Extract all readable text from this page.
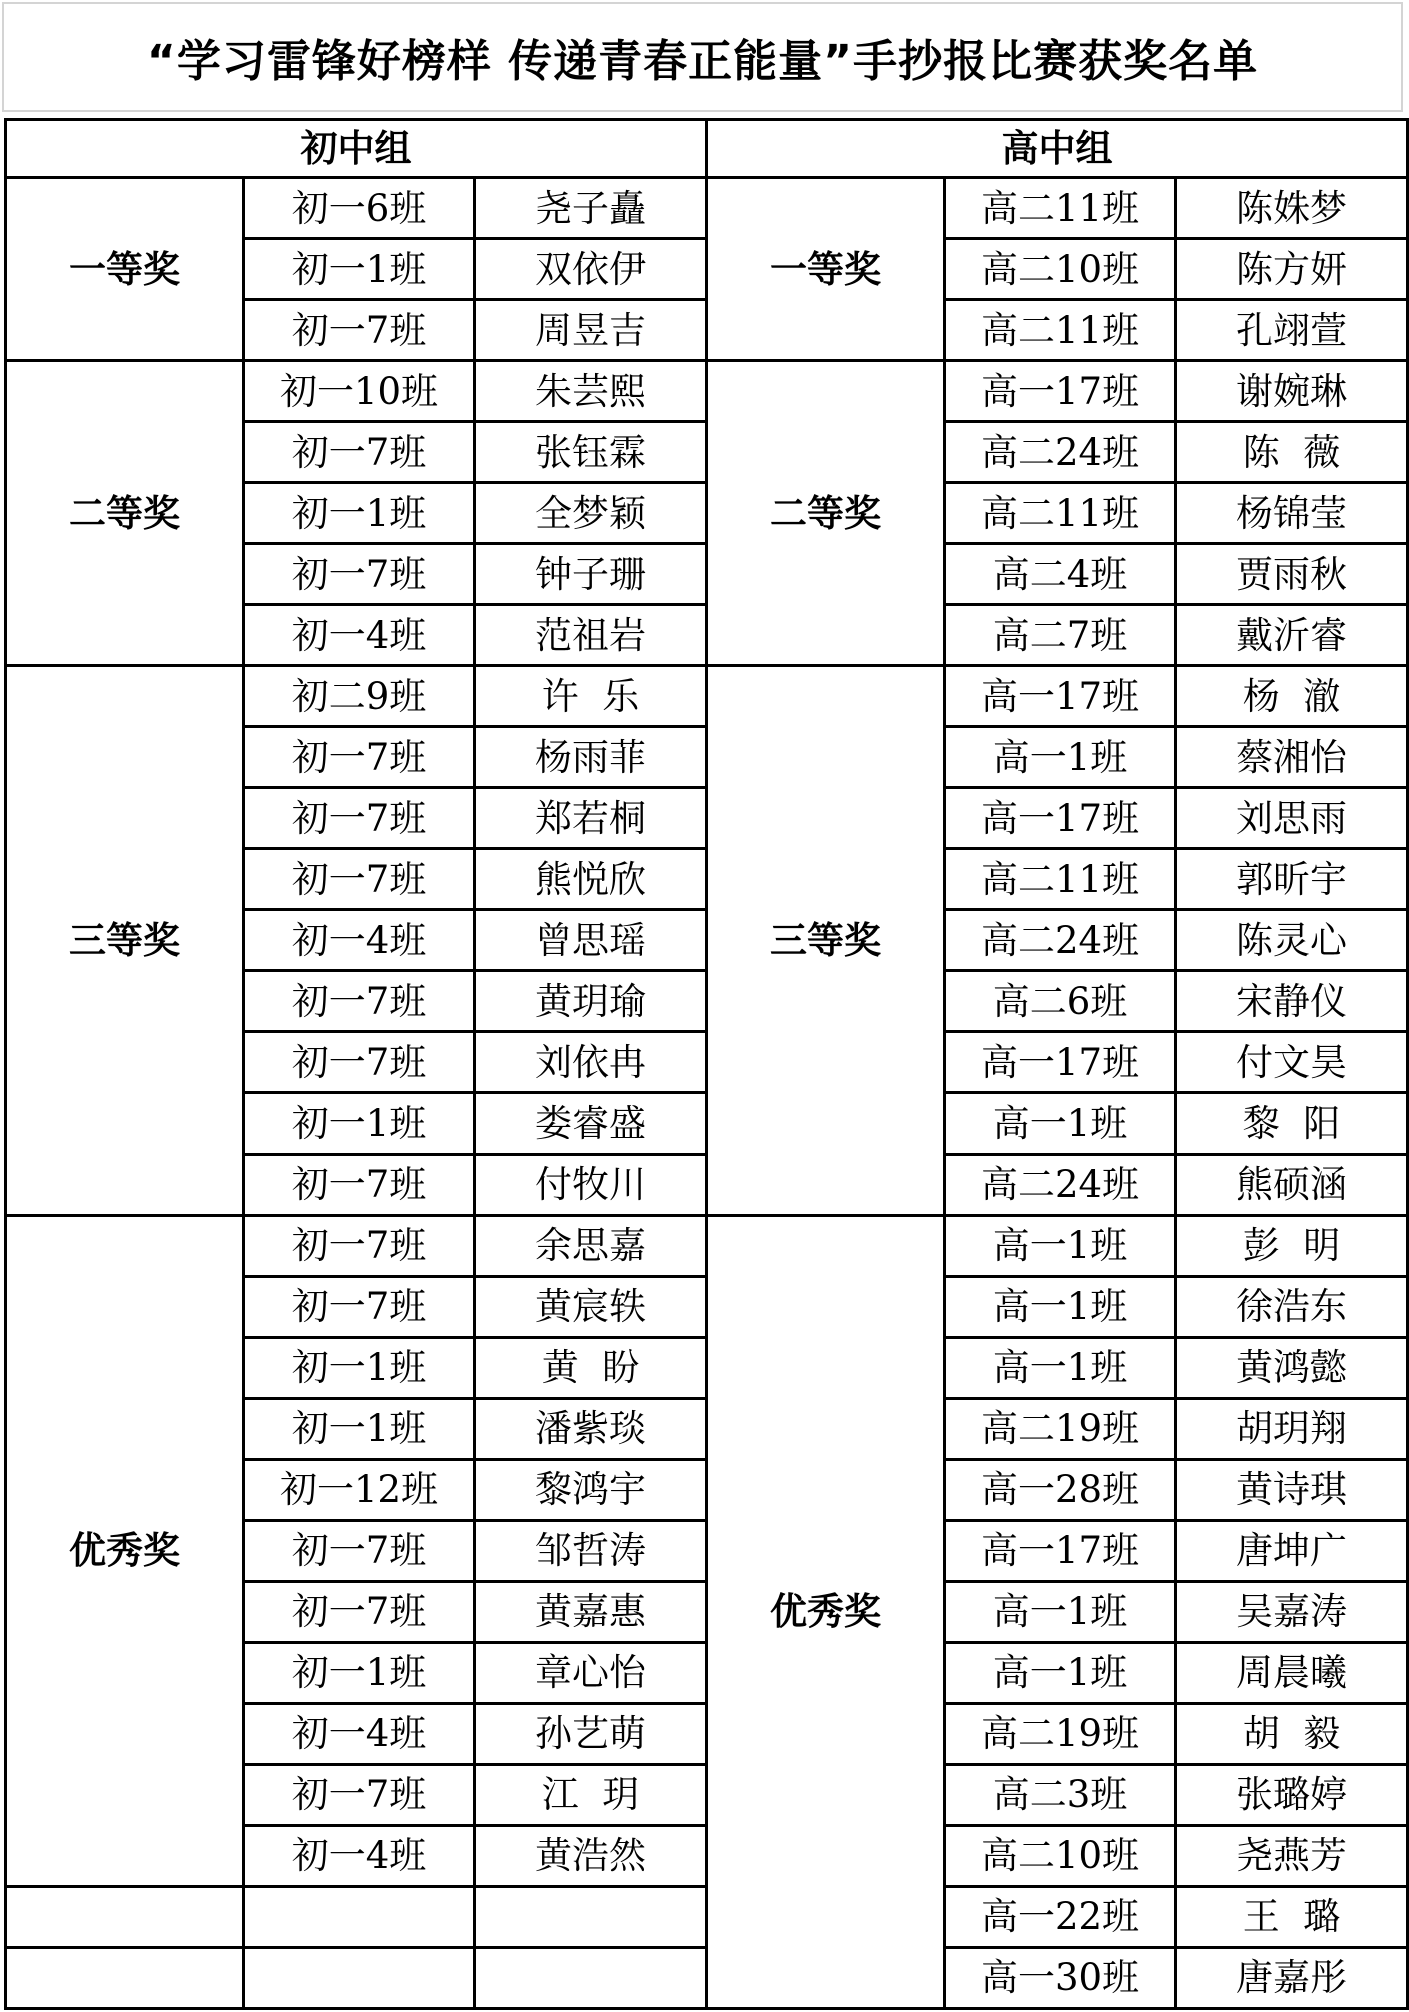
“学习雷锋好榜样 传递青春正能量”手抄报比赛获奖名单
初中组			高中组		
一等奖	初一6班	尧子矗	一等奖	高二11班	陈姝梦
	初一1班	双依伊		高二10班	陈方妍
	初一7班	周昱吉		高二11班	孔翊萱
二等奖	初一10班	朱芸熙	二等奖	高一17班	谢婉琳
	初一7班	张钰霖		高二24班	陈  薇
	初一1班	全梦颖		高二11班	杨锦莹
	初一7班	钟子珊		高二4班	贾雨秋
	初一4班	范祖岩		高二7班	戴沂睿
三等奖	初二9班	许  乐	三等奖	高一17班	杨  澈
	初一7班	杨雨菲		高一1班	蔡湘怡
	初一7班	郑若桐		高一17班	刘思雨
	初一7班	熊悦欣		高二11班	郭昕宇
	初一4班	曾思瑶		高二24班	陈灵心
	初一7班	黄玥瑜		高二6班	宋静仪
	初一7班	刘依冉		高一17班	付文昊
	初一1班	娄睿盛		高一1班	黎  阳
	初一7班	付牧川		高二24班	熊硕涵
优秀奖	初一7班	余思嘉	优秀奖	高一1班	彭  明
	初一7班	黄宸轶		高一1班	徐浩东
	初一1班	黄  盼		高一1班	黄鸿懿
	初一1班	潘紫琰		高二19班	胡玥翔
	初一12班	黎鸿宇		高一28班	黄诗琪
	初一7班	邹哲涛		高一17班	唐坤广
	初一7班	黄嘉惠		高一1班	吴嘉涛
	初一1班	章心怡		高一1班	周晨曦
	初一4班	孙艺萌		高二19班	胡  毅
	初一7班	江  玥		高二3班	张璐婷
	初一4班	黄浩然		高二10班	尧燕芳
				高一22班	王  璐
				高一30班	唐嘉彤
